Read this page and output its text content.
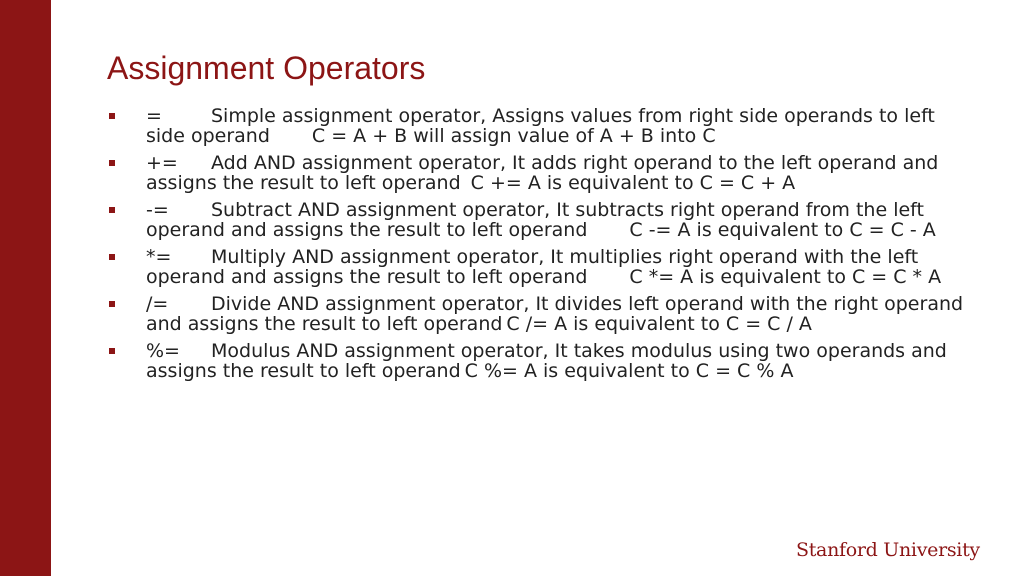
Assignment Operators
=	Simple assignment operator, Assigns values from right side operands to left side operand C = A + B will assign value of A + B into C
+= Add AND assignment operator, It adds right operand to the left operand and assigns the result to left operand C += A is equivalent to C = C + A
-= Subtract AND assignment operator, It subtracts right operand from the left operand and assigns the result to left operand C -= A is equivalent to C = C - A
*= Multiply AND assignment operator, It multiplies right operand with the left operand and assigns the result to left operand C *= A is equivalent to C = C * A
/= Divide AND assignment operator, It divides left operand with the right operand and assigns the result to left operand C /= A is equivalent to C = C / A
%= Modulus AND assignment operator, It takes modulus using two operands and assigns the result to left operand C %= A is equivalent to C = C % A
Stanford University
